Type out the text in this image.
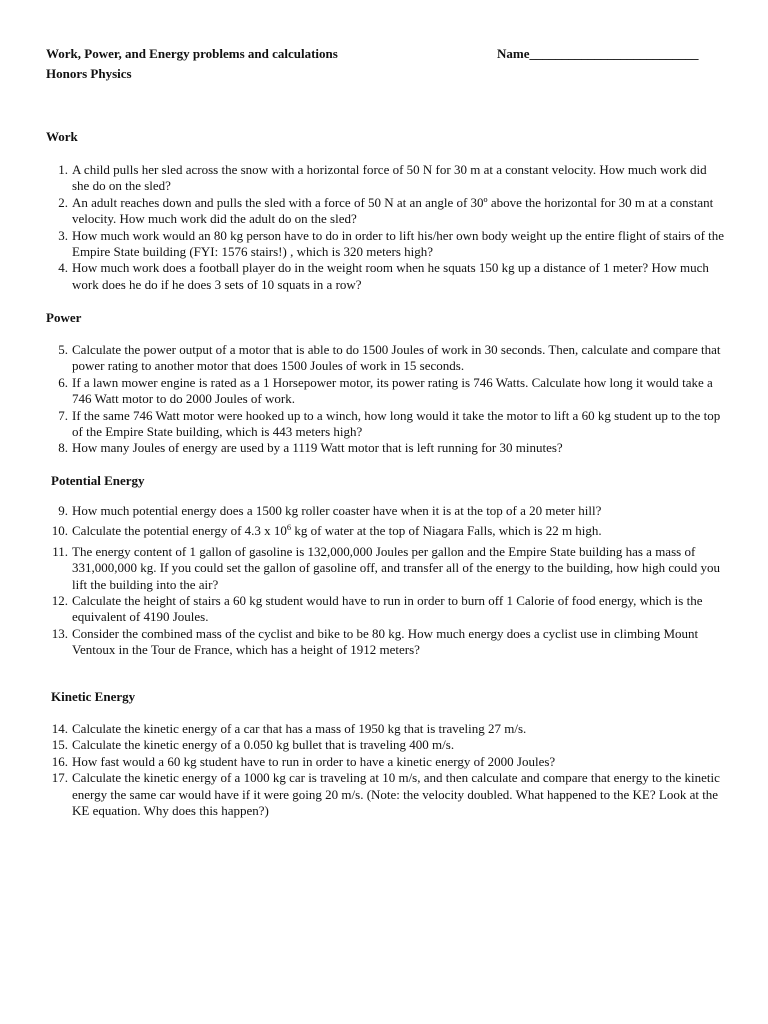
Work, Power, and Energy problems and calculations
Honors Physics
Name__________________________
Work
1. A child pulls her sled across the snow with a horizontal force of 50 N for 30 m at a constant velocity. How much work did she do on the sled?
2. An adult reaches down and pulls the sled with a force of 50 N at an angle of 30º above the horizontal for 30 m at a constant velocity. How much work did the adult do on the sled?
3. How much work would an 80 kg person have to do in order to lift his/her own body weight up the entire flight of stairs of the Empire State building (FYI: 1576 stairs!) , which is 320 meters high?
4. How much work does a football player do in the weight room when he squats 150 kg up a distance of 1 meter? How much work does he do if he does 3 sets of 10 squats in a row?
Power
5. Calculate the power output of a motor that is able to do 1500 Joules of work in 30 seconds. Then, calculate and compare that power rating to another motor that does 1500 Joules of work in 15 seconds.
6. If a lawn mower engine is rated as a 1 Horsepower motor, its power rating is 746 Watts. Calculate how long it would take a 746 Watt motor to do 2000 Joules of work.
7. If the same 746 Watt motor were hooked up to a winch, how long would it take the motor to lift a 60 kg student up to the top of the Empire State building, which is 443 meters high?
8. How many Joules of energy are used by a 1119 Watt motor that is left running for 30 minutes?
Potential Energy
9. How much potential energy does a 1500 kg roller coaster have when it is at the top of a 20 meter hill?
10. Calculate the potential energy of 4.3 x $10^6$ kg of water at the top of Niagara Falls, which is 22 m high.
11. The energy content of 1 gallon of gasoline is 132,000,000 Joules per gallon and the Empire State building has a mass of 331,000,000 kg. If you could set the gallon of gasoline off, and transfer all of the energy to the building, how high could you lift the building into the air?
12. Calculate the height of stairs a 60 kg student would have to run in order to burn off 1 Calorie of food energy, which is the equivalent of 4190 Joules.
13. Consider the combined mass of the cyclist and bike to be 80 kg. How much energy does a cyclist use in climbing Mount Ventoux in the Tour de France, which has a height of 1912 meters?
Kinetic Energy
14. Calculate the kinetic energy of a car that has a mass of 1950 kg that is traveling 27 m/s.
15. Calculate the kinetic energy of a 0.050 kg bullet that is traveling 400 m/s.
16. How fast would a 60 kg student have to run in order to have a kinetic energy of 2000 Joules?
17. Calculate the kinetic energy of a 1000 kg car is traveling at 10 m/s, and then calculate and compare that energy to the kinetic energy the same car would have if it were going 20 m/s. (Note: the velocity doubled. What happened to the KE? Look at the KE equation. Why does this happen?)
